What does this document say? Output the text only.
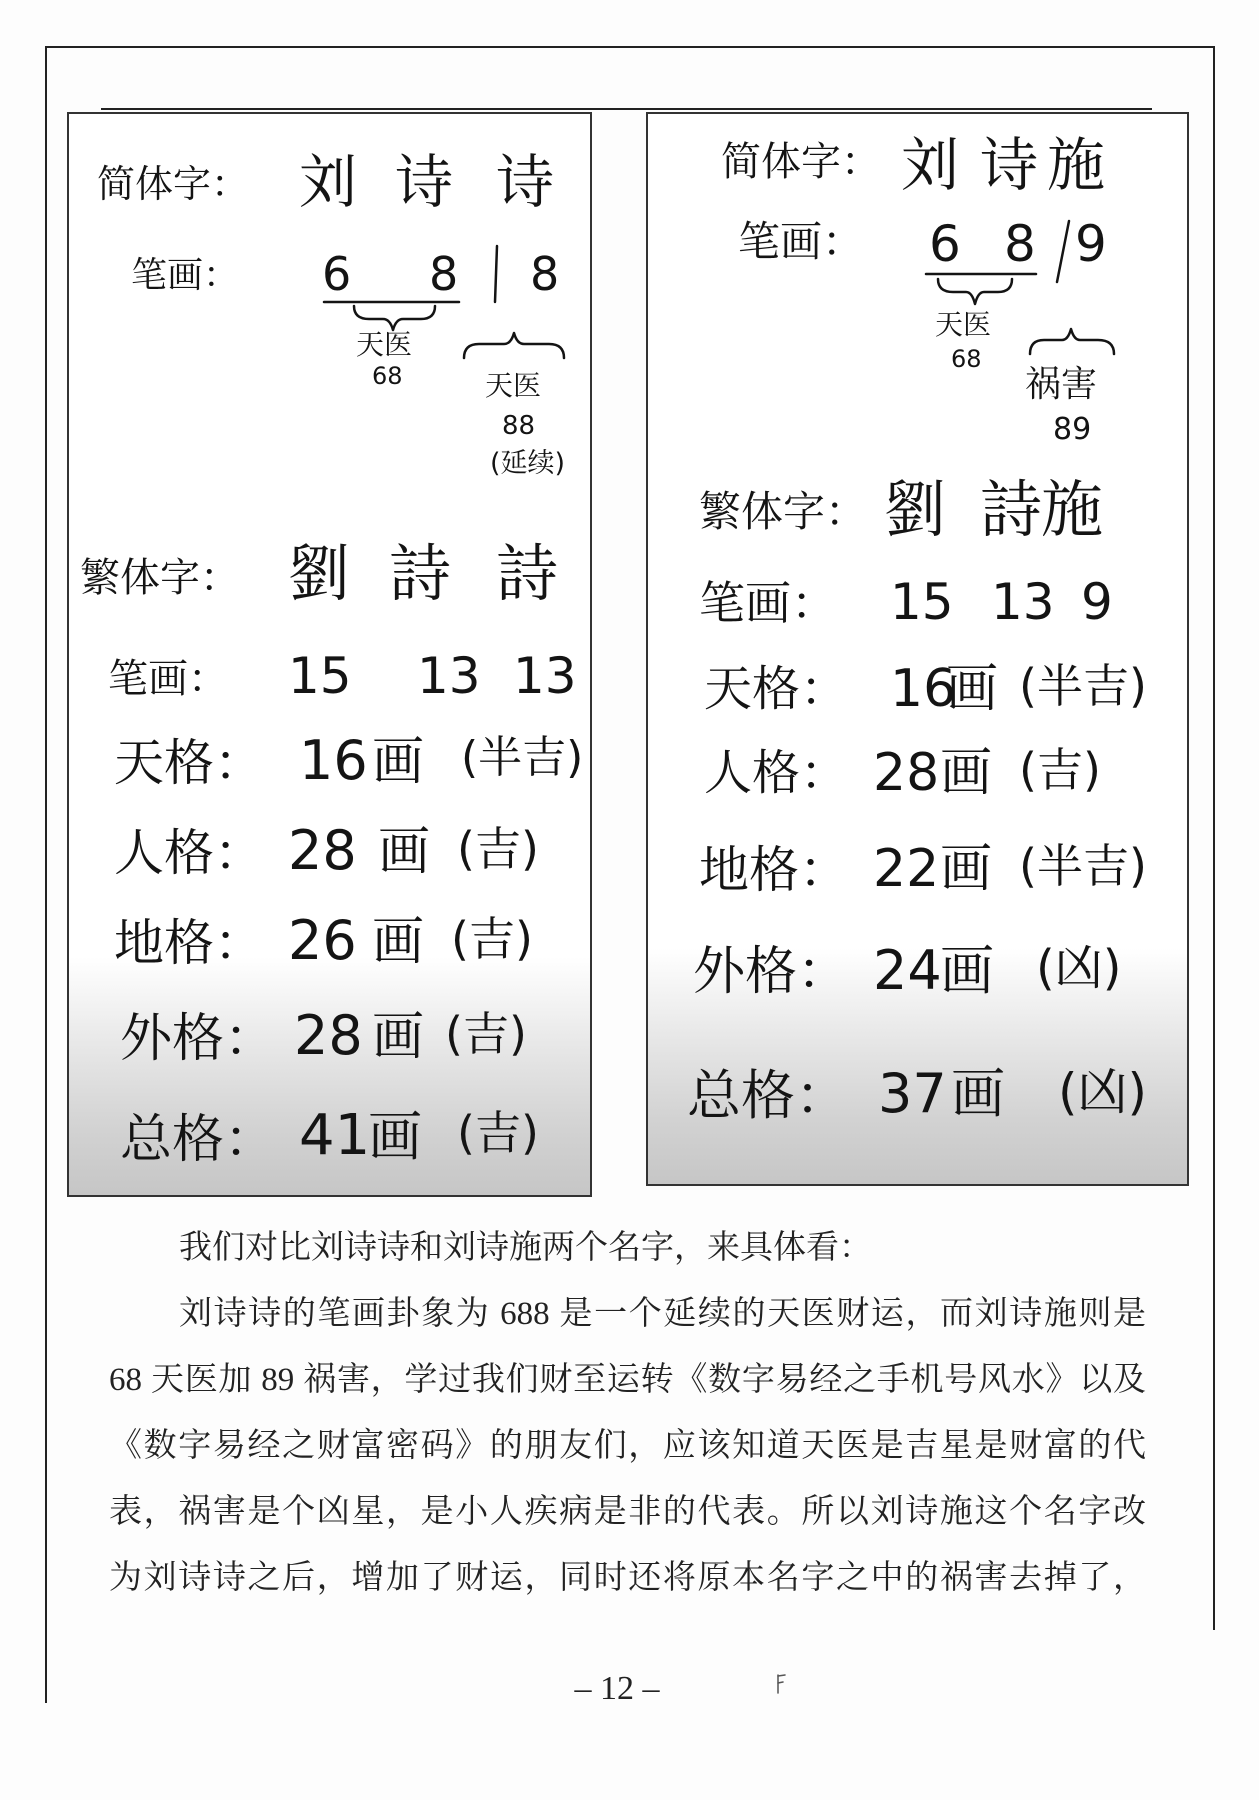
简体字： 刘 诗 诗
笔画： 6 8 8
天医
68	天医
88
(延续)
繁体字： 劉 詩 詩
笔画： 15 13 13
天格： 16 画 (半吉)
人格： 28 画 (吉)
地格： 26 画 (吉)
外格： 28 画 (吉)
总格： 41
画 (吉)
简体字： 刘 诗 施
笔画： 6 8 9
天医
68
祸害
89
繁体字： 劉 詩
施
笔画： 15 13 9
天格： 16
画 (半吉)
人格： 28 画 (吉)
地格： 22 画 (半吉)
外格： 24
画 (凶)
总格： 37 画 (凶)
我们对比刘诗诗和刘诗施两个名字，来具体看：
刘诗诗的笔画卦象为 688 是一个延续的天医财运，而刘诗施则是
68 天医加 89 祸害，学过我们财至运转《数字易经之手机号风水》以及
《数字易经之财富密码》的朋友们，应该知道天医是吉星是财富的代
表，祸害是个凶星，是小人疾病是非的代表。所以刘诗施这个名字改
为刘诗诗之后，增加了财运，同时还将原本名字之中的祸害去掉了，
– 12 –
